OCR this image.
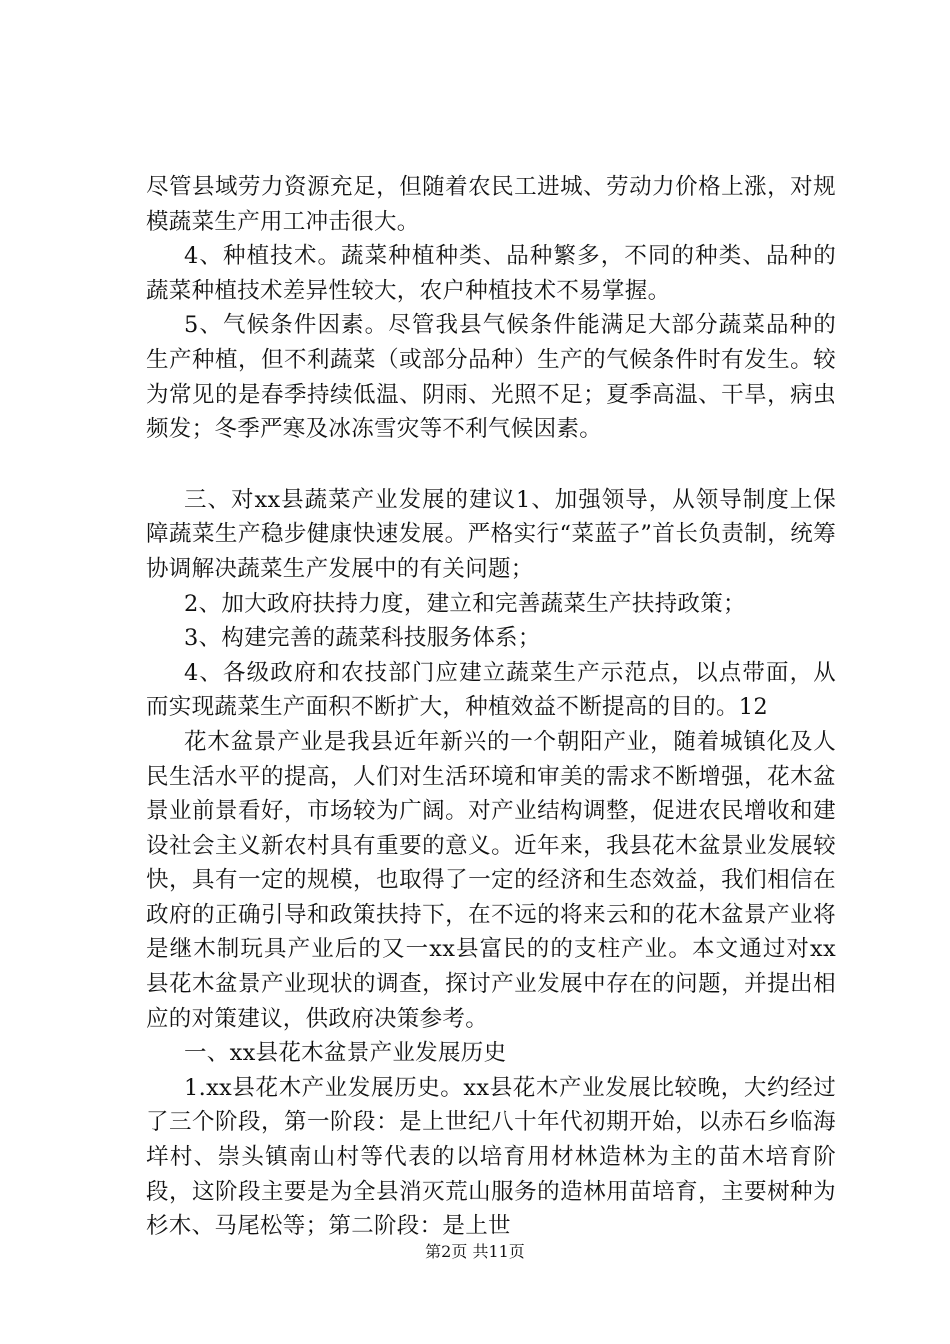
尽管县域劳力资源充足，但随着农民工进城、劳动力价格上涨，对规模蔬菜生产用工冲击很大。

4、种植技术。蔬菜种植种类、品种繁多，不同的种类、品种的蔬菜种植技术差异性较大，农户种植技术不易掌握。

5、气候条件因素。尽管我县气候条件能满足大部分蔬菜品种的生产种植，但不利蔬菜（或部分品种）生产的气候条件时有发生。较为常见的是春季持续低温、阴雨、光照不足；夏季高温、干旱，病虫频发；冬季严寒及冰冻雪灾等不利气候因素。

三、对xx县蔬菜产业发展的建议1、加强领导，从领导制度上保障蔬菜生产稳步健康快速发展。严格实行“菜蓝子”首长负责制，统筹协调解决蔬菜生产发展中的有关问题；

2、加大政府扶持力度，建立和完善蔬菜生产扶持政策；

3、构建完善的蔬菜科技服务体系；

4、各级政府和农技部门应建立蔬菜生产示范点，以点带面，从而实现蔬菜生产面积不断扩大，种植效益不断提高的目的。12

花木盆景产业是我县近年新兴的一个朝阳产业，随着城镇化及人民生活水平的提高，人们对生活环境和审美的需求不断增强，花木盆景业前景看好，市场较为广阔。对产业结构调整，促进农民增收和建设社会主义新农村具有重要的意义。近年来，我县花木盆景业发展较快，具有一定的规模，也取得了一定的经济和生态效益，我们相信在政府的正确引导和政策扶持下，在不远的将来云和的花木盆景产业将是继木制玩具产业后的又一xx县富民的的支柱产业。本文通过对xx县花木盆景产业现状的调查，探讨产业发展中存在的问题，并提出相应的对策建议，供政府决策参考。

一、xx县花木盆景产业发展历史

1.xx县花木产业发展历史。xx县花木产业发展比较晚，大约经过了三个阶段，第一阶段：是上世纪八十年代初期开始，以赤石乡临海垟村、崇头镇南山村等代表的以培育用材林造林为主的苗木培育阶段，这阶段主要是为全县消灭荒山服务的造林用苗培育，主要树种为杉木、马尾松等；第二阶段：是上世

第2页 共11页
